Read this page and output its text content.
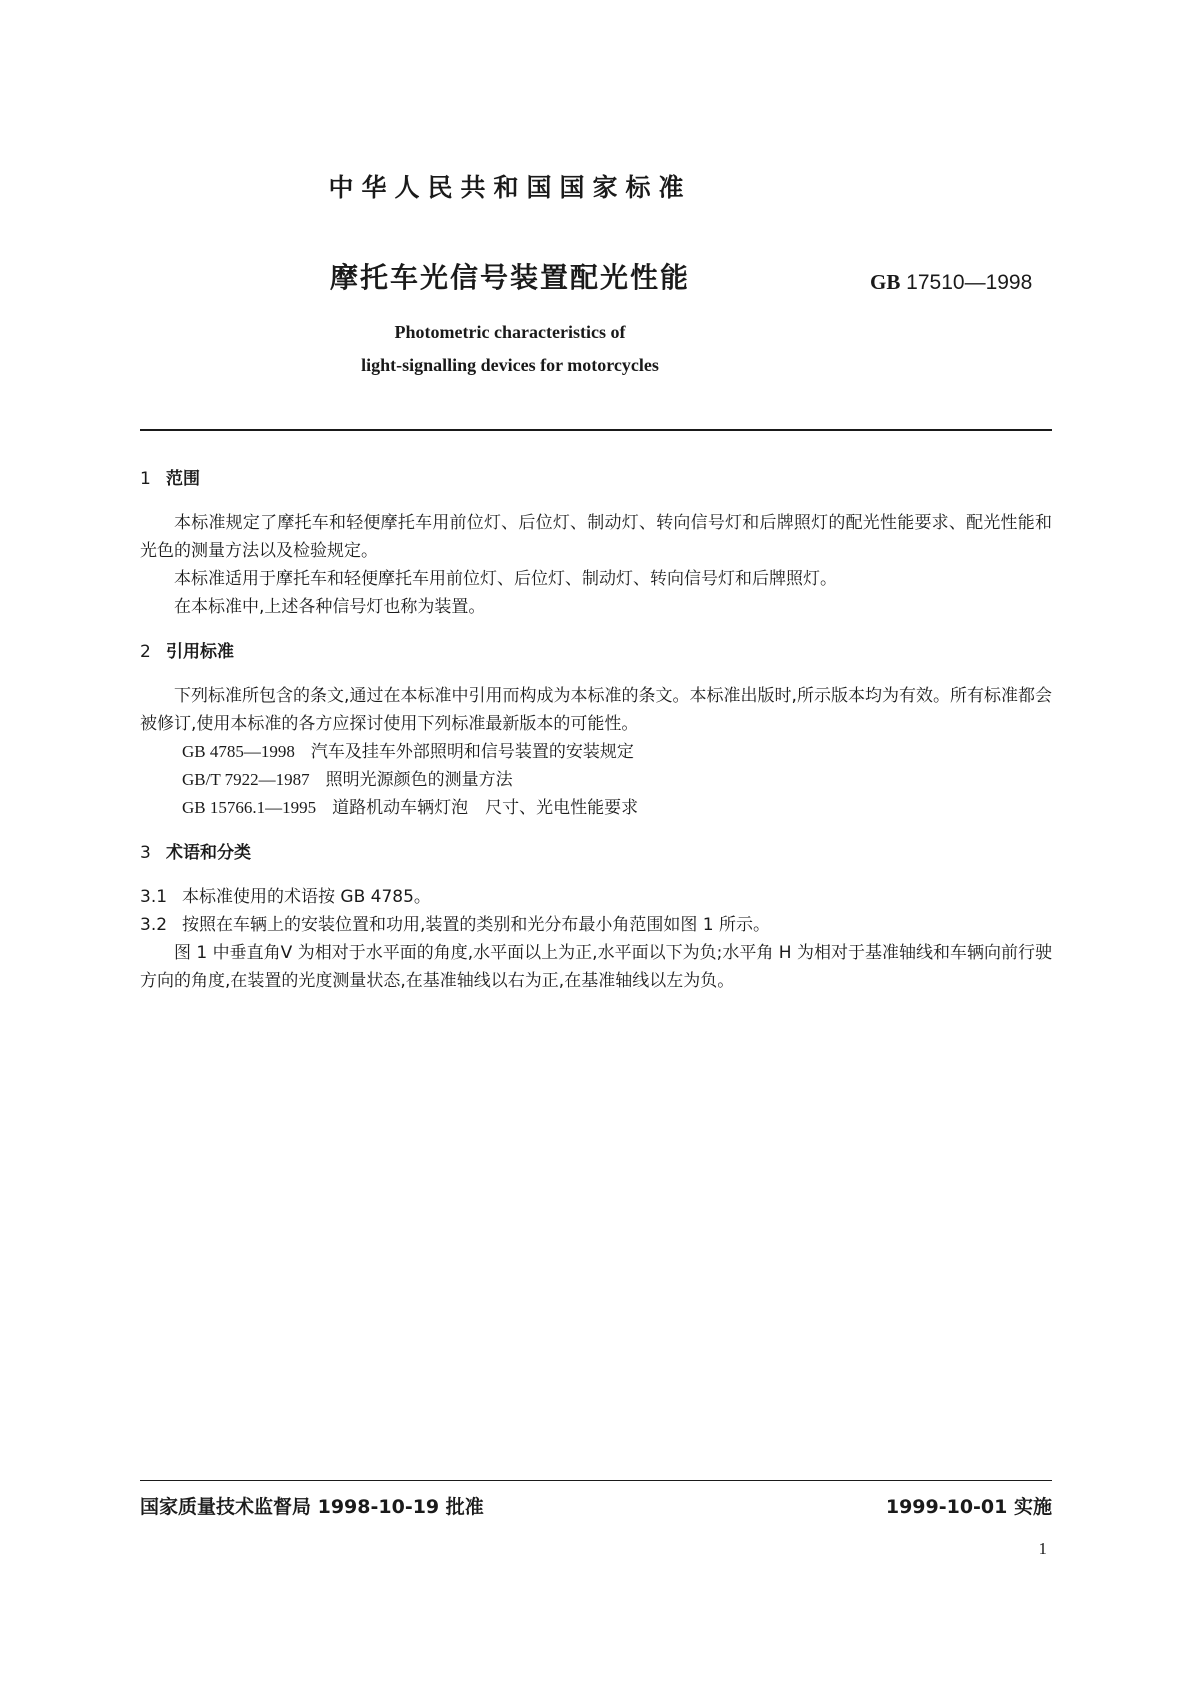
中华人民共和国国家标准
摩托车光信号装置配光性能	GB 17510—1998
Photometric characteristics of
light-signalling devices for motorcycles

1 范围

本标准规定了摩托车和轻便摩托车用前位灯、后位灯、制动灯、转向信号灯和后牌照灯的配光性能要求、配光性能和光色的测量方法以及检验规定。

本标准适用于摩托车和轻便摩托车用前位灯、后位灯、制动灯、转向信号灯和后牌照灯。

在本标准中,上述各种信号灯也称为装置。

2 引用标准

下列标准所包含的条文,通过在本标准中引用而构成为本标准的条文。本标准出版时,所示版本均为有效。所有标准都会被修订,使用本标准的各方应探讨使用下列标准最新版本的可能性。

GB 4785—1998 汽车及挂车外部照明和信号装置的安装规定

GB/T 7922—1987 照明光源颜色的测量方法

GB 15766.1—1995 道路机动车辆灯泡　尺寸、光电性能要求

3 术语和分类

3.1 本标准使用的术语按 GB 4785。

3.2 按照在车辆上的安装位置和功用,装置的类别和光分布最小角范围如图 1 所示。

图 1 中垂直角V 为相对于水平面的角度,水平面以上为正,水平面以下为负;水平角 H 为相对于基准轴线和车辆向前行驶方向的角度,在装置的光度测量状态,在基准轴线以右为正,在基准轴线以左为负。

国家质量技术监督局 1998-10-19 批准	1999-10-01 实施
1
